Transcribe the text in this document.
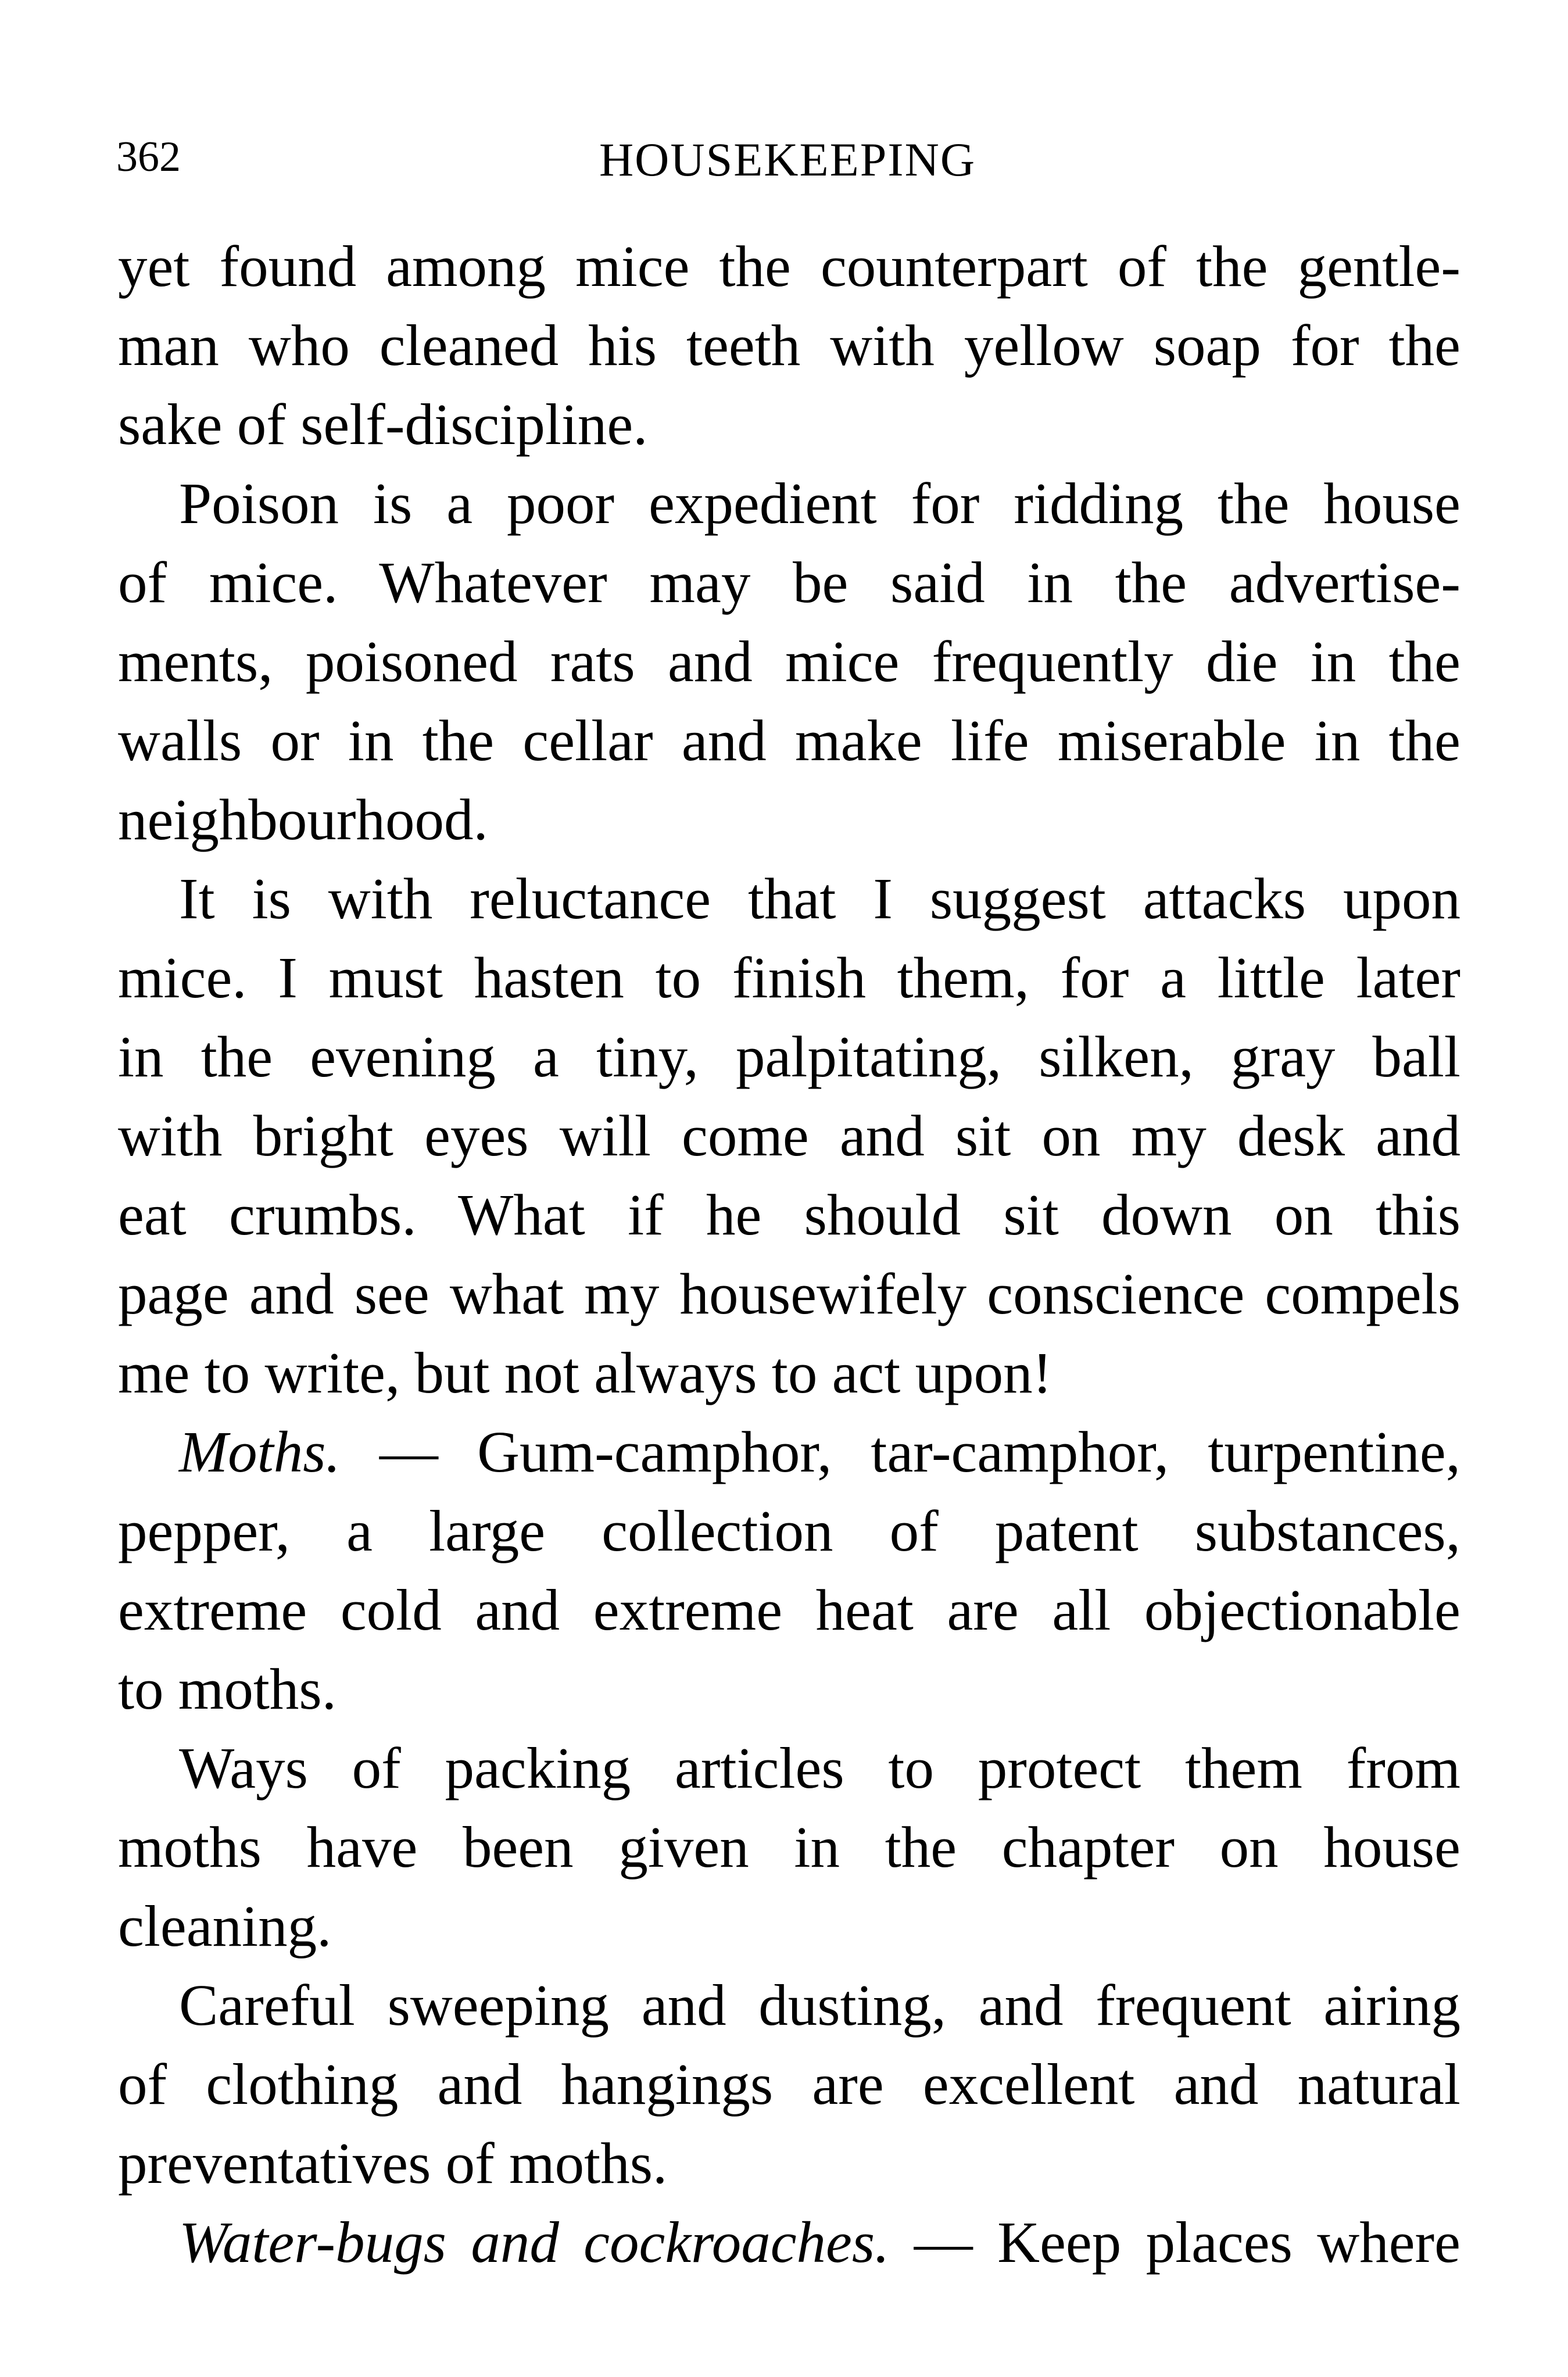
362	HOUSEKEEPING
yet found among mice the counterpart of the gentle-
man who cleaned his teeth with yellow soap for the
sake of self-discipline.
Poison is a poor expedient for ridding the house
of mice. Whatever may be said in the advertise-
ments, poisoned rats and mice frequently die in the
walls or in the cellar and make life miserable in the
neighbourhood.
It is with reluctance that I suggest attacks upon
mice. I must hasten to finish them, for a little later
in the evening a tiny, palpitating, silken, gray ball
with bright eyes will come and sit on my desk and
eat crumbs. What if he should sit down on this
page and see what my housewifely conscience compels
me to write, but not always to act upon!
Moths. — Gum-camphor, tar-camphor, turpentine,
pepper, a large collection of patent substances,
extreme cold and extreme heat are all objectionable
to moths.
Ways of packing articles to protect them from
moths have been given in the chapter on house
cleaning.
Careful sweeping and dusting, and frequent airing
of clothing and hangings are excellent and natural
preventatives of moths.
Water-bugs and cockroaches. — Keep places where
